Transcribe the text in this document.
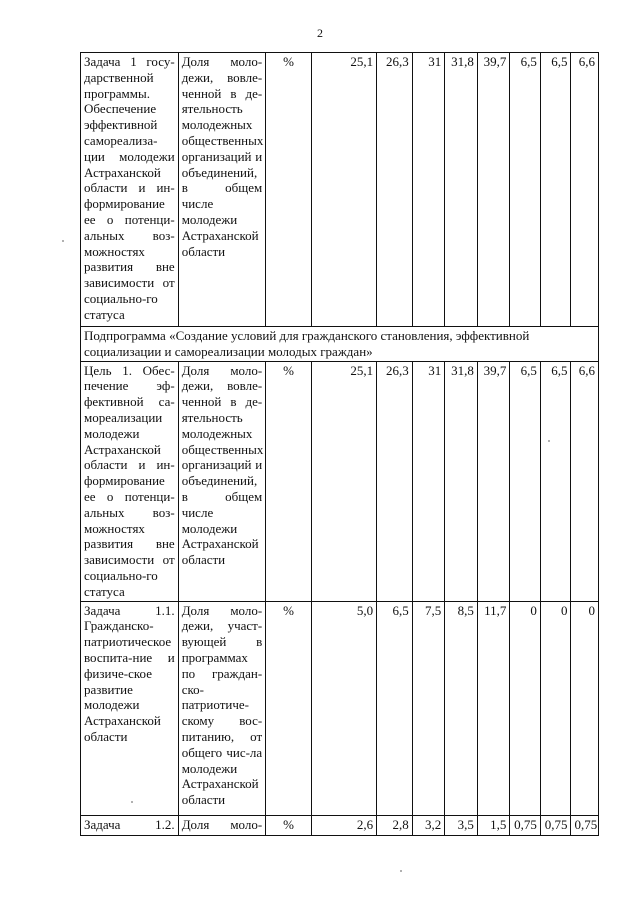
2
Задача 1 госу-дарственной программы. Обеспечение эффективной самореализа-ции молодежи Астраханской области и ин-формирование ее о потенци-альных воз-можностях развития вне зависимости от социально-го статуса	Доля моло-дежи, вовле-ченной в де-ятельность молодежных общественных организаций и объединений, в общем числе молодежи Астраханской области	%	25,1	26,3	31	31,8	39,7	6,5	6,5	6,6
Подпрограмма «Создание условий для гражданского становления, эффективной социализации и самореализации молодых граждан»										
Цель 1. Обес-печение эф-фективной са-мореализации молодежи Астраханской области и ин-формирование ее о потенци-альных воз-можностях развития вне зависимости от социально-го статуса	Доля моло-дежи, вовле-ченной в де-ятельность молодежных общественных организаций и объединений, в общем числе молодежи Астраханской области	%	25,1	26,3	31	31,8	39,7	6,5	6,5	6,6
Задача 1.1. Гражданско-патриотическое воспита-ние и физиче-ское развитие молодежи Астраханской области	Доля моло-дежи, участ-вующей в программах по граждан-ско-патриотиче-скому вос-питанию, от общего чис-ла молодежи Астраханской области	%	5,0	6,5	7,5	8,5	11,7	0	0	0
Задача 1.2.	Доля моло-	%	2,6	2,8	3,2	3,5	1,5	0,75	0,75	0,75
